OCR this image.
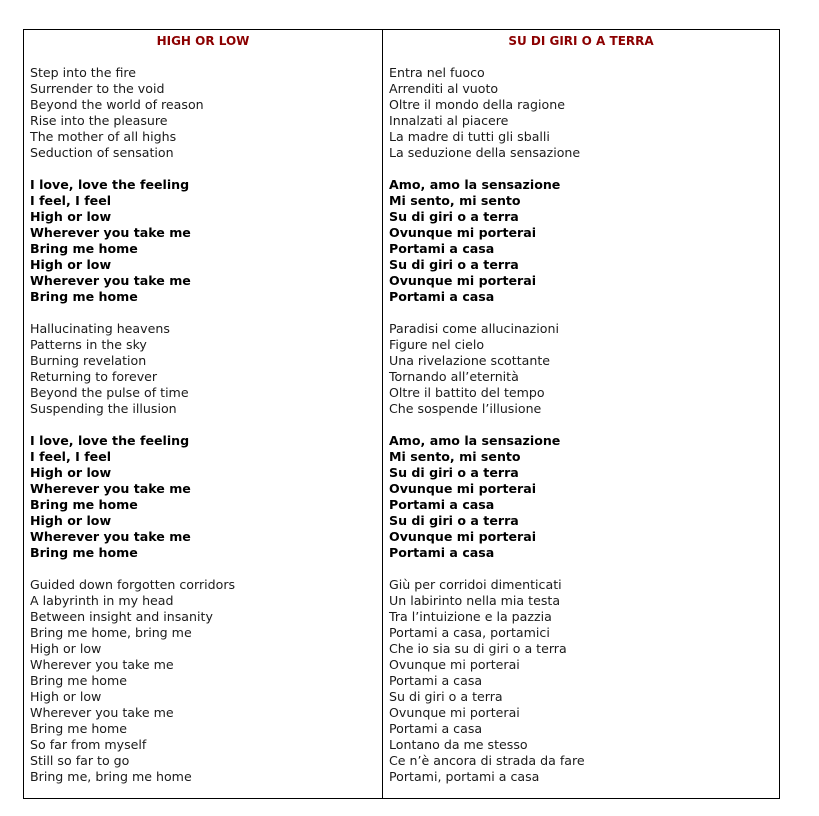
HIGH OR LOW
Step into the fire
Surrender to the void
Beyond the world of reason
Rise into the pleasure
The mother of all highs
Seduction of sensation
I love, love the feeling
I feel, I feel
High or low
Wherever you take me
Bring me home
High or low
Wherever you take me
Bring me home
Hallucinating heavens
Patterns in the sky
Burning revelation
Returning to forever
Beyond the pulse of time
Suspending the illusion
I love, love the feeling
I feel, I feel
High or low
Wherever you take me
Bring me home
High or low
Wherever you take me
Bring me home
Guided down forgotten corridors
A labyrinth in my head
Between insight and insanity
Bring me home, bring me
High or low
Wherever you take me
Bring me home
High or low
Wherever you take me
Bring me home
So far from myself
Still so far to go
Bring me, bring me home
SU DI GIRI O A TERRA
Entra nel fuoco
Arrenditi al vuoto
Oltre il mondo della ragione
Innalzati al piacere
La madre di tutti gli sballi
La seduzione della sensazione
Amo, amo la sensazione
Mi sento, mi sento
Su di giri o a terra
Ovunque mi porterai
Portami a casa
Su di giri o a terra
Ovunque mi porterai
Portami a casa
Paradisi come allucinazioni
Figure nel cielo
Una rivelazione scottante
Tornando all’eternità
Oltre il battito del tempo
Che sospende l’illusione
Amo, amo la sensazione
Mi sento, mi sento
Su di giri o a terra
Ovunque mi porterai
Portami a casa
Su di giri o a terra
Ovunque mi porterai
Portami a casa
Giù per corridoi dimenticati
Un labirinto nella mia testa
Tra l’intuizione e la pazzia
Portami a casa, portamici
Che io sia su di giri o a terra
Ovunque mi porterai
Portami a casa
Su di giri o a terra
Ovunque mi porterai
Portami a casa
Lontano da me stesso
Ce n’è ancora di strada da fare
Portami, portami a casa
